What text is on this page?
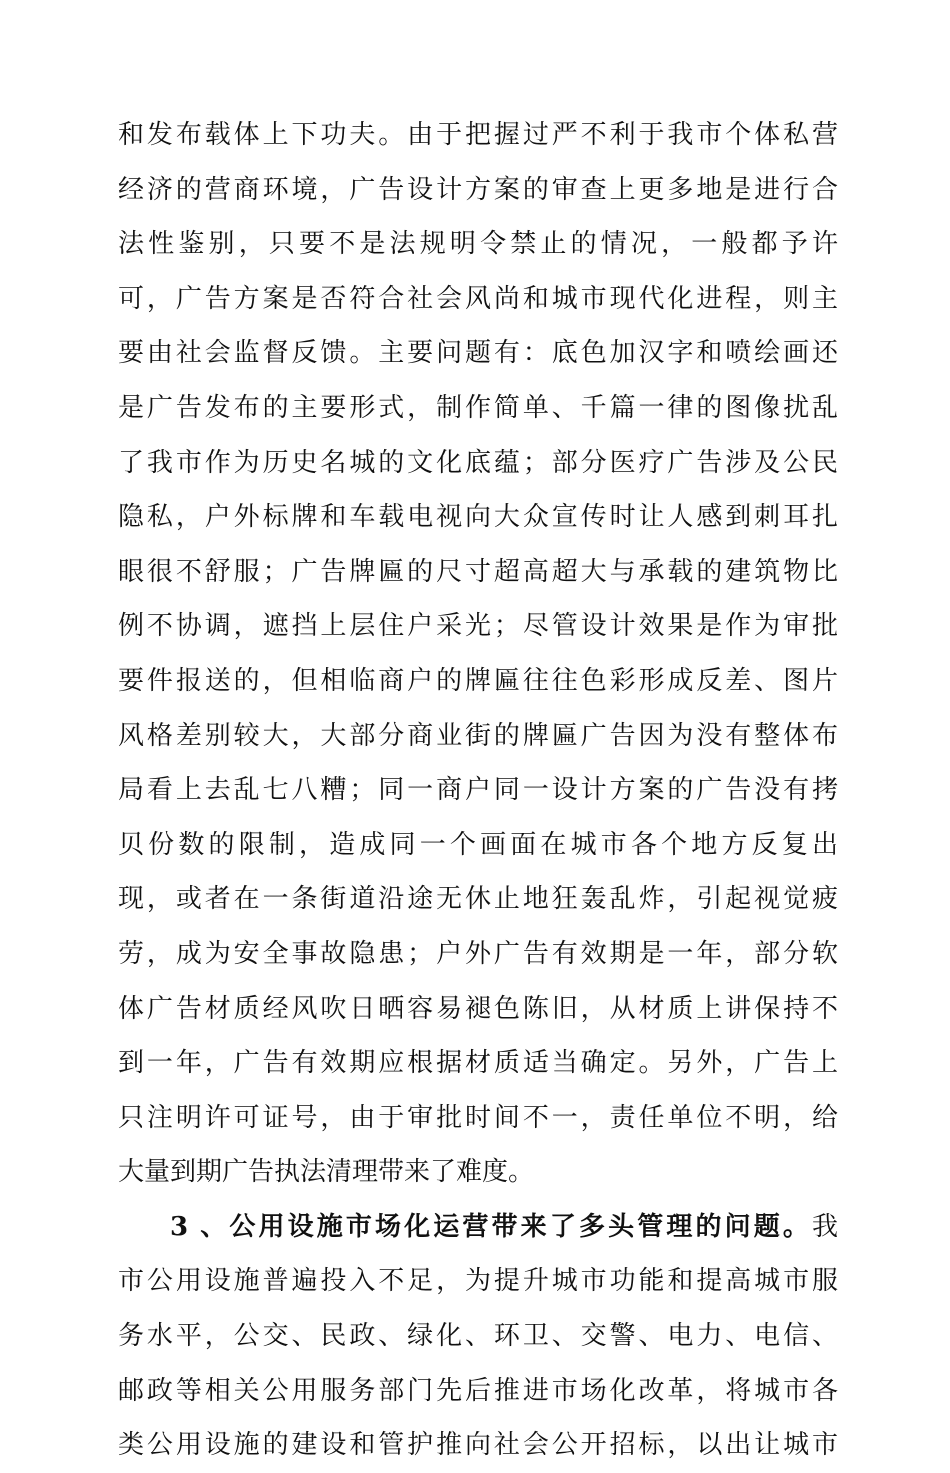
和发布载体上下功夫。由于把握过严不利于我市个体私营
经济的营商环境，广告设计方案的审查上更多地是进行合
法性鉴别，只要不是法规明令禁止的情况，一般都予许
可，广告方案是否符合社会风尚和城市现代化进程，则主
要由社会监督反馈。主要问题有：底色加汉字和喷绘画还
是广告发布的主要形式，制作简单、千篇一律的图像扰乱
了我市作为历史名城的文化底蕴；部分医疗广告涉及公民
隐私，户外标牌和车载电视向大众宣传时让人感到刺耳扎
眼很不舒服；广告牌匾的尺寸超高超大与承载的建筑物比
例不协调，遮挡上层住户采光；尽管设计效果是作为审批
要件报送的，但相临商户的牌匾往往色彩形成反差、图片
风格差别较大，大部分商业街的牌匾广告因为没有整体布
局看上去乱七八糟；同一商户同一设计方案的广告没有拷
贝份数的限制，造成同一个画面在城市各个地方反复出
现，或者在一条街道沿途无休止地狂轰乱炸，引起视觉疲
劳，成为安全事故隐患；户外广告有效期是一年，部分软
体广告材质经风吹日晒容易褪色陈旧，从材质上讲保持不
到一年，广告有效期应根据材质适当确定。另外，广告上
只注明许可证号，由于审批时间不一，责任单位不明，给
大量到期广告执法清理带来了难度。
3 、公用设施市场化运营带来了多头管理的问题。我
市公用设施普遍投入不足，为提升城市功能和提高城市服
务水平，公交、民政、绿化、环卫、交警、电力、电信、
邮政等相关公用服务部门先后推进市场化改革，将城市各
类公用设施的建设和管护推向社会公开招标，以出让城市
